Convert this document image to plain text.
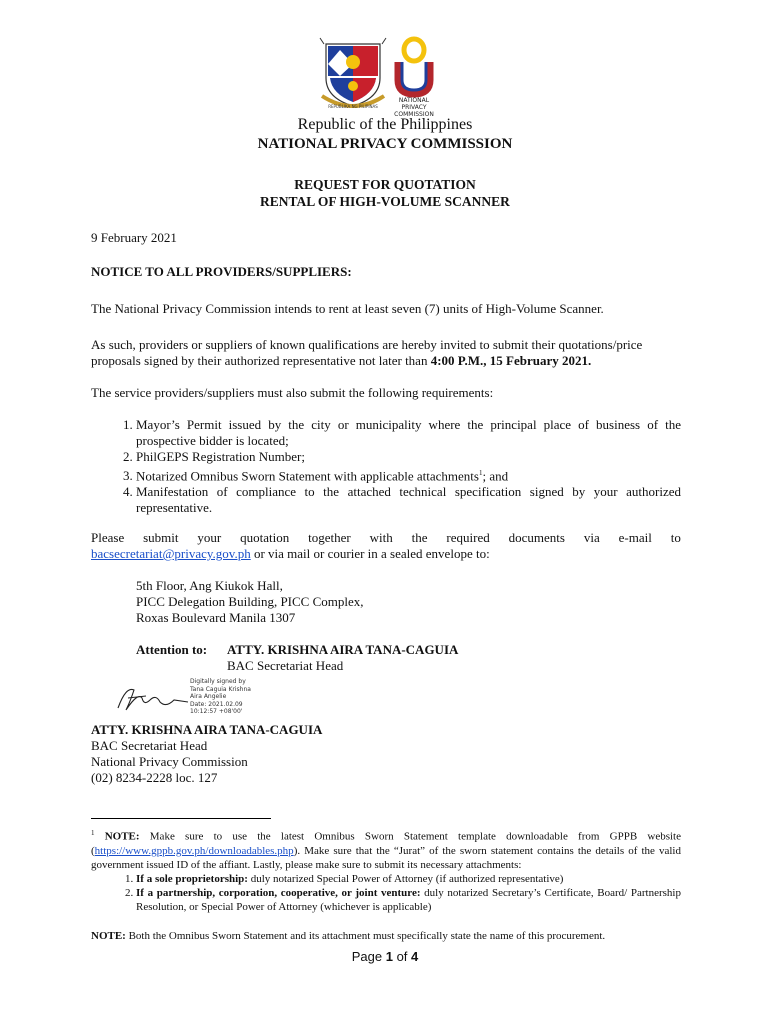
REPUBLIKA NG PILIPINAS
NATIONAL
PRIVACY
COMMISSION
Republic of the Philippines
NATIONAL PRIVACY COMMISSION
REQUEST FOR QUOTATION
RENTAL OF HIGH-VOLUME SCANNER
9 February 2021
NOTICE TO ALL PROVIDERS/SUPPLIERS:
The National Privacy Commission intends to rent at least seven (7) units of High-Volume Scanner.
As such, providers or suppliers of known qualifications are hereby invited to submit their quotations/price proposals signed by their authorized representative not later than 4:00 P.M., 15 February 2021.
The service providers/suppliers must also submit the following requirements:
1. Mayor’s Permit issued by the city or municipality where the principal place of business of the prospective bidder is located;
2. PhilGEPS Registration Number;
3. Notarized Omnibus Sworn Statement with applicable attachments$^1$; and
4. Manifestation of compliance to the attached technical specification signed by your authorized representative.
Please submit your quotation together with the required documents via e-mail to
bacsecretariat@privacy.gov.ph or via mail or courier in a sealed envelope to:
5th Floor, Ang Kiukok Hall,
PICC Delegation Building, PICC Complex,
Roxas Boulevard Manila 1307
Attention to: ATTY. KRISHNA AIRA TANA-CAGUIA
BAC Secretariat Head
Digitally signed by
Tana Caguia Krishna
Aira Angelie
Date: 2021.02.09
10:12:57 +08'00'
ATTY. KRISHNA AIRA TANA-CAGUIA
BAC Secretariat Head
National Privacy Commission
(02) 8234-2228 loc. 127
$^1$ NOTE: Make sure to use the latest Omnibus Sworn Statement template downloadable from GPPB website (https://www.gppb.gov.ph/downloadables.php). Make sure that the “Jurat” of the sworn statement contains the details of the valid government issued ID of the affiant. Lastly, please make sure to submit its necessary attachments:
1. If a sole proprietorship: duly notarized Special Power of Attorney (if authorized representative)
2. If a partnership, corporation, cooperative, or joint venture: duly notarized Secretary’s Certificate, Board/ Partnership Resolution, or Special Power of Attorney (whichever is applicable)
NOTE: Both the Omnibus Sworn Statement and its attachment must specifically state the name of this procurement.
Page 1 of 4
